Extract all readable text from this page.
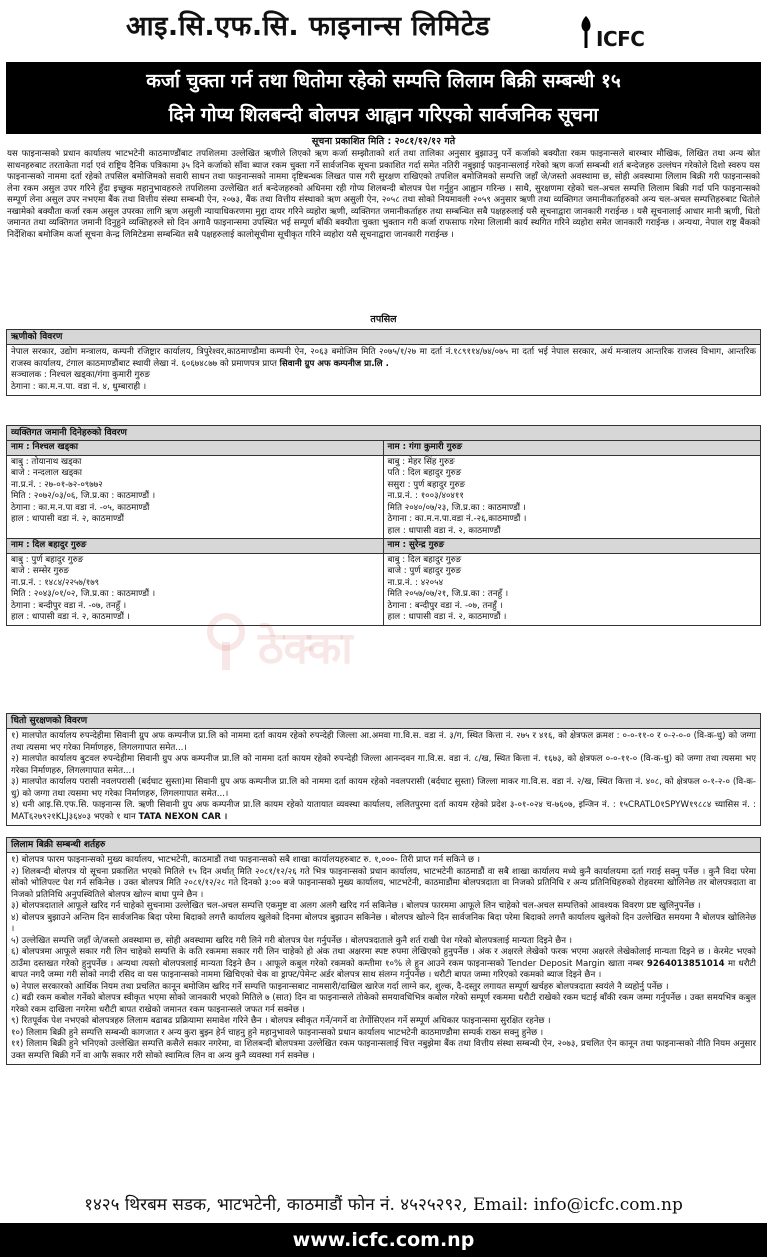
आइ.सि.एफ.सि. फाइनान्स लिमिटेड	ICFC
कर्जा चुक्ता गर्न तथा धितोमा रहेको सम्पत्ति लिलाम बिक्री सम्बन्धी १५
दिने गोप्य शिलबन्दी बोलपत्र आह्वान गरिएको सार्वजनिक सूचना
सूचना प्रकाशित मिति : २०८१/१२/१२ गते
यस फाइनान्सको प्रधान कार्यालय भाटभटेनी काठमाण्डौंबाट तपशिलमा उल्लेखित ऋणीले लिएको ऋण कर्जा सम्झौताको शर्त तथा तालिका अनुसार बुझाउनु पर्ने कर्जाको बक्यौता रकम फाइनान्सले बारम्बार मौखिक, लिखित तथा अन्य स्रोत साधनहरुबाट तरताकेता गर्दा एवं राष्ट्रिय दैनिक पत्रिकामा ३५ दिने कर्जाको साँवा ब्याज रकम चुक्ता गर्ने सार्वजनिक सूचना प्रकाशित गर्दा समेत नतिरी नबुझाई फाइनान्सलाई गरेको ऋण कर्जा सम्बन्धी शर्त बन्देजहरु उल्लंघन गरेकोले दिशो स्वरुप यस फाइनान्सको नाममा दर्ता रहेको तपसिल बमोजिमको सवारी साधन तथा फाइनान्सको नाममा दृष्टिबन्धक लिखत पास गरी सुरक्षण राखिएको तपशिल बमोजिमको सम्पत्ति जहाँ जे/जस्तो अवस्थामा छ, सोही अवस्थामा लिलाम बिक्री गरी फाइनान्सको लेना रकम असुल उपर गरिने हुँदा इच्छुक महानुभावहरुले तपशिलमा उल्लेखित शर्त बन्देजहरुको अधिनमा रही गोप्य शिलबन्दी बोलपत्र पेश गर्नुहुन आह्वान गरिन्छ । साथै, सुरक्षणमा रहेको चल-अचल सम्पत्ति लिलाम बिक्री गर्दा पनि फाइनान्सको सम्पूर्ण लेना असुल उपर नभएमा बैंक तथा वित्तीय संस्था सम्बन्धी ऐन, २०७३, बैंक तथा वित्तीय संस्थाको ऋण असुली ऐन, २०५८ तथा सोको नियमावली २०५९ अनुसार ऋणी तथा व्यक्तिगत जमानीकर्ताहरुको अन्य चल-अचल सम्पत्तिहरुबाट धितोले नखामेको बक्यौता कर्जा रकम असुल उपरका लागि ऋण असुली न्यायाधिकरणमा मुद्दा दायर गरिने व्यहोरा ऋणी, व्यक्तिगत जमानीकर्ताहरु तथा सम्बन्धित सबै पक्षहरुलाई यसै सूचनाद्वारा जानकारी गराईन्छ । यसै सूचनालाई आधार मानी ऋणी, धितो जमानत तथा व्यक्तिगत जमानी दिनुहुने व्यक्तिहरुले सो दिन अगावै फाइनान्समा उपस्थित भई सम्पूर्ण बाँकी बक्यौता चुक्ता भुक्तान गरी कर्जा राफसाफ गरेमा लिलामी कार्य स्थगित गरिने व्यहोरा समेत जानकारी गराईन्छ । अन्यथा, नेपाल राष्ट्र बैंकको निर्देशिका बमोजिम कर्जा सूचना केन्द्र लिमिटेडमा सम्बन्धित सबै पक्षहरुलाई कालोसूचीमा सूचीकृत गरिने व्यहोरा यसै सूचनाद्वारा जानकारी गराईन्छ ।
तपसिल
ऋणीको विवरण
नेपाल सरकार, उद्योग मन्त्रालय, कम्पनी रजिष्ट्रार कार्यालय, त्रिपुरेश्वर,काठमाण्डौमा कम्पनी ऐन, २०६३ बमोजिम मिति २०७५/१/२७ मा दर्ता नं.१८९११४/७४/०७५ मा दर्ता भई नेपाल सरकार, अर्थ मन्त्रालय आन्तरिक राजस्व विभाग, आन्तरिक राजस्व कार्यालय, टंगाल काठमाण्डौंबाट स्थायी लेखा नं. ६०६७४८७७ को प्रमाणपत्र प्राप्त सिवानी ग्रुप अफ कम्पनीज प्रा.लि .
सञ्चालक : निश्चल खड्का/गंगा कुमारी गुरुङ
ठेगाना : का.म.न.पा. वडा नं. ४, धुम्बाराही ।
व्यक्तिगत जमानी दिनेहरुको विवरण
नाम : निश्चल खड्का
बाबु : तोयानाथ खड्का
बाजे : नन्दलाल खड्का
ना.प्र.नं. : २७-०१-७२-०९७७२
मिति : २०७२/०३/०६, जि.प्र.का : काठमाण्डौं ।
ठेगाना : का.म.न.पा वडा नं. -०५, काठमाण्डौं
हाल : धापासी वडा नं. २, काठमाण्डौं
नाम : गंगा कुमारी गुरुङ
बाबु : मेहर सिंह गुरुङ
पति : दिल बहादुर गुरुङ
ससुरा : पुर्ण बहादुर गुरुङ
ना.प्र.नं. : १००३/४०४११
मिति २०४०/०७/२३, जि.प्र.का : काठमाण्डौं ।
ठेगाना : का.म.न.पा.वडा नं.-२६,काठमाण्डौं ।
हाल : धापासी वडा नं. २, काठमाण्डौं
नाम : दिल बहादुर गुरुङ
बाबु : पुर्ण बहादुर गुरुङ
बाजे : सम्सेर गुरुङ
ना.प्र.नं. : १४८४/२२५७/१७९
मिति : २०४३/०१/०२, जि.प्र.का : काठमाण्डौं ।
ठेगाना : बन्दीपुर वडा नं. -०७, तनहुँ ।
हाल : धापासी वडा नं. २, काठमाण्डौं ।
नाम : सुरेन्द्र गुरुङ
बाबु : दिल बहादुर गुरुङ
बाजे : पुर्ण बहादुर गुरुङ
ना.प्र.नं. : ४२०५४
मिति २०५७/०७/२१, जि.प्र.का : तनहुँ ।
ठेगाना : बन्दीपुर वडा नं. -०७, तनहुँ ।
हाल : धापासी वडा नं. २, काठमाण्डौं ।
ठेक्का
धितो सुरक्षणको विवरण
१) मालपोत कार्यालय रुपन्देहीमा सिवानी ग्रुप अफ कम्पनीज प्रा.लि को नाममा दर्ता कायम रहेको रुपन्देही जिल्ला आ.अमवा गा.वि.स. वडा नं. ३/ग, स्थित कित्ता नं. २७५ र ४१६, को क्षेत्रफल क्रमश : ०-०-११-० र ०-२-०-० (वि-क-धु) को जग्गा तथा त्यसमा भए गरेका निर्माणहरु, लिगलगापात समेत...।
२) मालपोत कार्यालय बुटवल रुपन्देहीमा सिवानी ग्रुप अफ कम्पनीज प्रा.लि को नाममा दर्ता कायम रहेको रुपन्देही जिल्ला आनन्दवन गा.वि.स. वडा नं. ८/ख, स्थित कित्ता नं. १६७३, को क्षेत्रफल ०-०-११-० (वि-क-धु) को जग्गा तथा त्यसमा भए गरेका निर्माणहरु, लिगलगापात समेत...।
३) मालपोत कार्यालय परासी नवलपरासी (बर्दघाट सुस्ता)मा सिवानी ग्रुप अफ कम्पनीज प्रा.लि को नाममा दर्ता कायम रहेको नवलपरासी (बर्दघाट सुस्ता) जिल्ला माकर गा.वि.स. वडा नं. २/ख, स्थित कित्ता नं. ४०८, को क्षेत्रफल ०-१-२-० (वि-क-धु) को जग्गा तथा त्यसमा भए गरेका निर्माणहरु, लिगलगापात समेत...।
४) धनी आइ.सि.एफ.सि. फाइनान्स लि. ऋणी सिवानी ग्रुप अफ कम्पनीज प्रा.लि कायम रहेको यातायात व्यवस्था कार्यालय, ललितपुरमा दर्ता कायम रहेको प्रदेश ३-०१-०२४ च-७६०७, इन्जिन नं. : १५CRATL0१SPYW१९८८४ च्यासिस नं. : MAT६२७९२१KLJ३६४०३ भएको १ थान TATA NEXON CAR ।
लिलाम बिक्री सम्बन्धी शर्तहरु
१) बोलपत्र फारम फाइनान्सको मुख्य कार्यालय, भाटभटेनी, काठमाडौं तथा फाइनान्सको सबै शाखा कार्यालयहरुबाट रु. १,०००- तिरी प्राप्त गर्न सकिने छ ।
२) शिलबन्दी बोलपत्र यो सूचना प्रकाशित भएको मितिले १५ दिन अर्थात् मिति २०८१/१२/२६ गते भित्र फाइनान्सको प्रधान कार्यालय, भाटभटेनी काठमाडौं वा सबै शाखा कार्यालय मध्ये कुनै कार्यालयमा दर्ता गराई सक्नु पर्नेछ । कुनै विदा परेमा सोको भोलिपल्ट पेश गर्न सकिनेछ । उक्त बोलपत्र मिति २०८१/१२/२८ गते दिनको ३:०० बजे फाइनान्सको मुख्य कार्यालय, भाटभटेनी, काठमाडौंमा बोलपत्रदाता वा निजको प्रतिनिधि र अन्य प्रतिनिधिहरुको रोहवरमा खोलिनेछ तर बोलपत्रदाता वा निजको प्रतिनिधि अनुपस्थितिले बोलपत्र खोल्न बाधा पुग्ने छैन ।
३) बोलपत्रदाताले आफूले खरिद गर्न चाहेको सुचनामा उल्लेखित चल-अचल सम्पत्ति एकमुष्ट वा अलग अलगै खरिद गर्न सकिनेछ । बोलपत्र फारममा आफूले लिन चाहेको चल-अचल सम्पत्तिको आवश्यक विवरण प्रष्ट खुलिनुपर्नेछ ।
४) बोलपत्र बुझाउने अन्तिम दिन सार्वजनिक बिदा परेमा बिदाको लगत्तै कार्यालय खुलेको दिनमा बोलपत्र बुझाउन सकिनेछ । बोलपत्र खोल्ने दिन सार्वजनिक बिदा परेमा बिदाको लगत्तै कार्यालय खुलेको दिन उल्लेखित समयमा नै बोलपत्र खोलिनेछ ।
५) उल्लेखित सम्पत्ति जहाँ जे/जस्तो अवस्थामा छ, सोही अवस्थामा खरिद गरी लिने गरी बोलपत्र पेश गर्नुपर्नेछ । बोलपत्रदाताले कुनै शर्त राखी पेश गरेको बोलपत्रलाई मान्यता दिइने छैन ।
६) बोलपत्रमा आफूले सकार गरी लिन चाहेको सम्पत्ति के कति रकममा सकार गरी लिन चाहेको हो अंक तथा अक्षरमा स्पष्ट रुपमा लेखिएको हुनुपर्नेछ । अंक र अक्षरले लेखेको फरक भएमा अक्षरले लेखेकोलाई मान्यता दिइने छ । केरमेट भएको ठाउँमा दस्तखत गरेको हुनुपर्नेछ । अन्यथा त्यस्तो बोलपत्रलाई मान्यता दिइने छैन । आफूले कबुल गरेको रकमको कम्तीमा १०% ले हुन आउने रकम फाइनान्सको Tender Deposit Margin खाता नम्बर 9264013851014 मा धरौटी बापत नगदै जम्मा गरी सोको नगदी रसिद वा यस फाइनान्सको नाममा खिचिएको चेक वा ड्राफ्ट/पेमेन्ट अर्डर बोलपत्र साथ संलग्न गर्नुपर्नेछ । धरौटी बापत जम्मा गरिएको रकमको ब्याज दिइने छैन ।
७) नेपाल सरकारको आर्थिक नियम तथा प्रचलित कानून बमोजिम खरिद गर्ने सम्पत्ति फाइनान्सबाट नामसारी/दाखिल खारेज गर्दा लाग्ने कर, शुल्क, दै-दस्तुर लगायत सम्पूर्ण खर्चहरु बोलपत्रदाता स्वयंले नै व्यहोर्नु पर्नेछ ।
८) बढी रकम कबोल गर्नेको बोलपत्र स्वीकृत भएमा सोको जानकारी भएको मितिले ७ (सात) दिन वा फाइनान्सले तोकेको समयावधिभित्र कबोल गरेको सम्पूर्ण रकममा धरौटी राखेको रकम घटाई बाँकी रकम जम्मा गर्नुपर्नेछ । उक्त समयभित्र कबुल गरेको रकम दाखिला नगरेमा धरौटी बापत राखेको जमानत रकम फाइनान्सले जफत गर्न सक्नेछ ।
९) रितपूर्वक पेश नभएको बोलपत्रहरु लिलाम बढाबढ प्रक्रियामा समावेश गरिने छैन । बोलपत्र स्वीकृत गर्ने/नगर्ने वा तेर्गोसिएशन गर्ने सम्पूर्ण अधिकार फाइनान्समा सुरक्षित रहनेछ ।
१०) लिलाम बिक्री हुने सम्पत्ति सम्बन्धी कागजात र अन्य कुरा बुझ्न हेर्न चाहनु हुने महानुभावले फाइनान्सको प्रधान कार्यालय भाटभटेनी काठमाण्डौमा सम्पर्क राख्न सक्नु हुनेछ ।
११) लिलाम बिक्री हुने भनिएको उल्लेखित सम्पत्ति कसैले सकार नगरेमा, वा शिलबन्दी बोलपत्रमा उल्लेखित रकम फाइनान्सलाई चित्त नबुझेमा बैंक तथा वित्तीय संस्था सम्बन्धी ऐन, २०७३, प्रचलित ऐन कानून तथा फाइनान्सको नीति नियम अनुसार उक्त सम्पत्ति बिक्री गर्ने वा आफै सकार गरी सोको स्वामित्व लिन वा अन्य कुनै व्यवस्था गर्न सक्नेछ ।
१४२५ थिरबम सडक, भाटभटेनी, काठमाडौं फोन नं. ४५२५२९२, Email: info@icfc.com.np
www.icfc.com.np
